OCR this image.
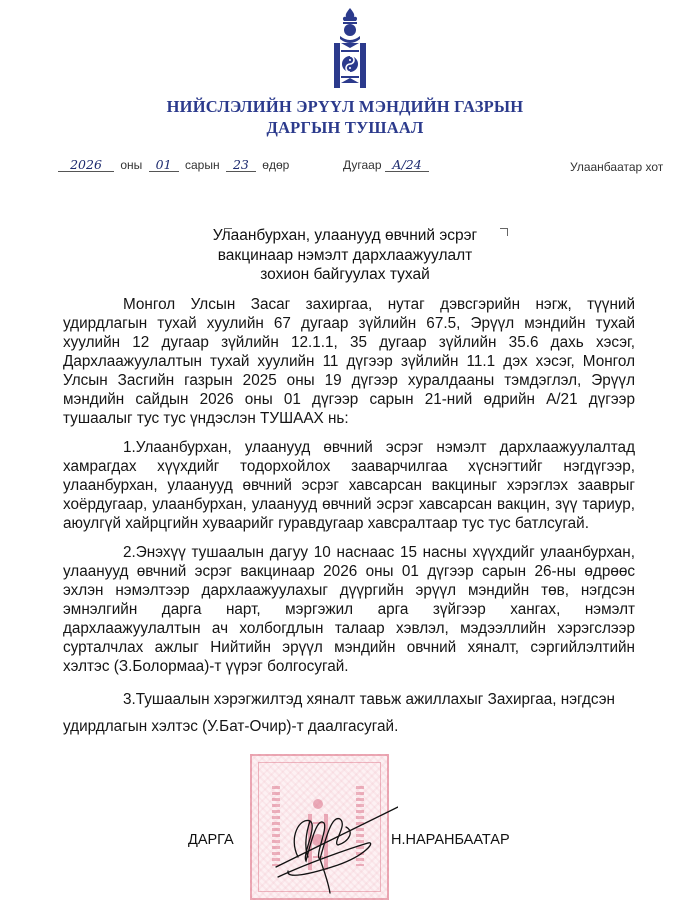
НИЙСЛЭЛИЙН ЭРҮҮЛ МЭНДИЙН ГАЗРЫН
ДАРГЫН ТУШААЛ
2026 оны 01 сарын 23 өдөр	Дугаар А/24	Улаанбаатар хот
Улаанбурхан, улаанууд өвчний эсрэг
вакцинаар нэмэлт дархлаажуулалт
зохион байгуулах тухай

Монгол Улсын Засаг захиргаа, нутаг дэвсгэрийн нэгж, түүний удирдлагын тухай хуулийн 67 дугаар зүйлийн 67.5, Эрүүл мэндийн тухай хуулийн 12 дугаар зүйлийн 12.1.1, 35 дугаар зүйлийн 35.6 дахь хэсэг, Дархлаажуулалтын тухай хуулийн 11 дүгээр зүйлийн 11.1 дэх хэсэг, Монгол Улсын Засгийн газрын 2025 оны 19 дүгээр хуралдааны тэмдэглэл, Эрүүл мэндийн сайдын 2026 оны 01 дүгээр сарын 21-ний өдрийн А/21 дүгээр тушаалыг тус тус үндэслэн ТУШААХ нь:

1.Улаанбурхан, улаанууд өвчний эсрэг нэмэлт дархлаажуулалтад хамрагдах хүүхдийг тодорхойлох зааварчилгаа хүснэгтийг нэгдүгээр, улаанбурхан, улаанууд өвчний эсрэг хавсарсан вакциныг хэрэглэх зааврыг хоёрдугаар, улаанбурхан, улаанууд өвчний эсрэг хавсарсан вакцин, зүү тариур, аюулгүй хайрцгийн хуваарийг гуравдугаар хавсралтаар тус тус батлсугай.

2.Энэхүү тушаалын дагуу 10 наснаас 15 насны хүүхдийг улаанбурхан, улаанууд өвчний эсрэг вакцинаар 2026 оны 01 дүгээр сарын 26-ны өдрөөс эхлэн нэмэлтээр дархлаажуулахыг дүүргийн эрүүл мэндийн төв, нэгдсэн эмнэлгийн дарга нарт, мэргэжил арга зүйгээр хангах, нэмэлт дархлаажуулалтын ач холбогдлын талаар хэвлэл, мэдээллийн хэрэгслээр сурталчлах ажлыг Нийтийн эрүүл мэндийн овчний хяналт, сэргийлэлтийн хэлтэс (З.Болормаа)-т үүрэг болгосугай.

3.Тушаалын хэрэгжилтэд хяналт тавьж ажиллахыг Захиргаа, нэгдсэн удирдлагын хэлтэс (У.Бат-Очир)-т даалгасугай.

ДАРГА	Н.НАРАНБААТАР
